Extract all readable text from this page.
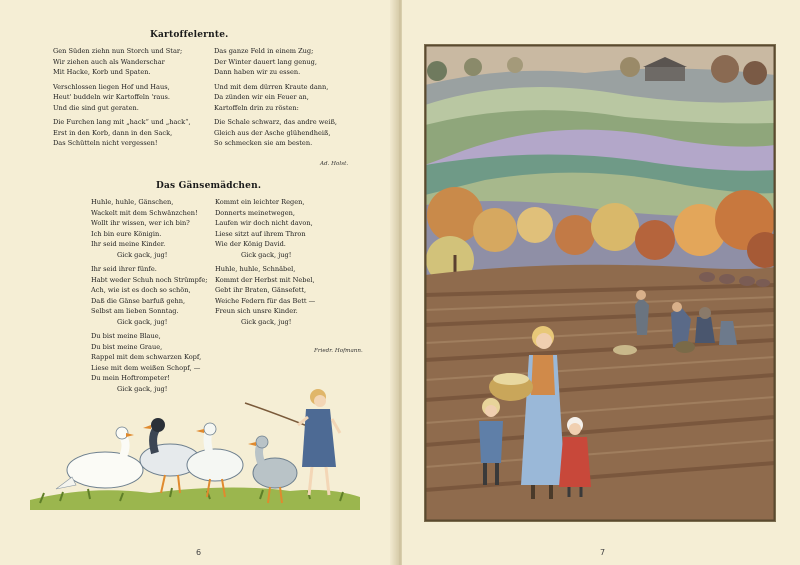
Kartoffelernte.
Gen Süden ziehn nun Storch und Star;
Wir ziehen auch als Wanderschar
Mit Hacke, Korb und Spaten.
Verschlossen liegen Hof und Haus,
Heut' buddeln wir Kartoffeln 'raus.
Und die sind gut geraten.
Die Furchen lang mit „hack“ und „hack“,
Erst in den Korb, dann in den Sack,
Das Schütteln nicht vergessen!
Das ganze Feld in einem Zug;
Der Winter dauert lang genug,
Dann haben wir zu essen.
Und mit dem dürren Kraute dann,
Da zünden wir ein Feuer an,
Kartoffeln drin zu rösten:
Die Schale schwarz, das andre weiß,
Gleich aus der Asche glühendheiß,
So schmecken sie am besten.
Ad. Holst.
Das Gänsemädchen.
Huhle, huhle, Gänschen,
Wackelt mit dem Schwänzchen!
Wollt ihr wissen, wer ich bin?
Ich bin eure Königin.
Ihr seid meine Kinder.
Gick gack, jug!
Ihr seid ihrer fünfe.
Habt weder Schuh noch Strümpfe;
Ach, wie ist es doch so schön,
Daß die Gänse barfuß gehn,
Selbst am lieben Sonntag.
Gick gack, jug!
Du bist meine Blaue,
Du bist meine Graue,
Rappel mit dem schwarzen Kopf,
Liese mit dem weißen Schopf, —
Du mein Hoftrompeter!
Gick gack, jug!
Kommt ein leichter Regen,
Donnerts meinetwegen,
Laufen wir doch nicht davon,
Liese sitzt auf ihrem Thron
Wie der König David.
Gick gack, jug!
Huhle, huhle, Schnäbel,
Kommt der Herbst mit Nebel,
Gebt ihr Braten, Gänsefett,
Weiche Federn für das Bett —
Freun sich unsre Kinder.
Gick gack, jug!
Friedr. Hofmann.
6	7
